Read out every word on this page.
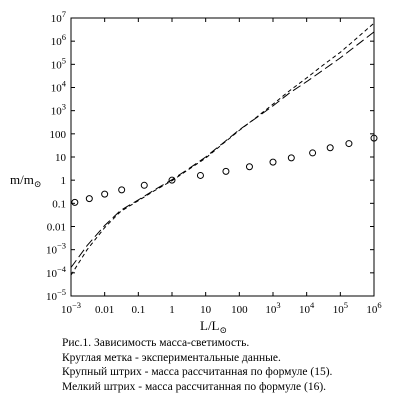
$10^{-5}$
$10^{-4}$
$10^{-3}$
0.01
0.1
1
10
100
$10^3$
$10^4$
$10^5$
$10^6$
$10^7$
$10^{-3}$ 0.01 0.1 1 10 100 $10^3$ $10^4$ $10^5$ $10^6$
$m/m_⊙$
$L/L_⊙$
Рис.1. Зависимость масса-светимость.
Круглая метка - экспериментальные данные.
Крупный штрих - масса рассчитанная по формуле (15).
Мелкий штрих - масса рассчитанная по формуле (16).
